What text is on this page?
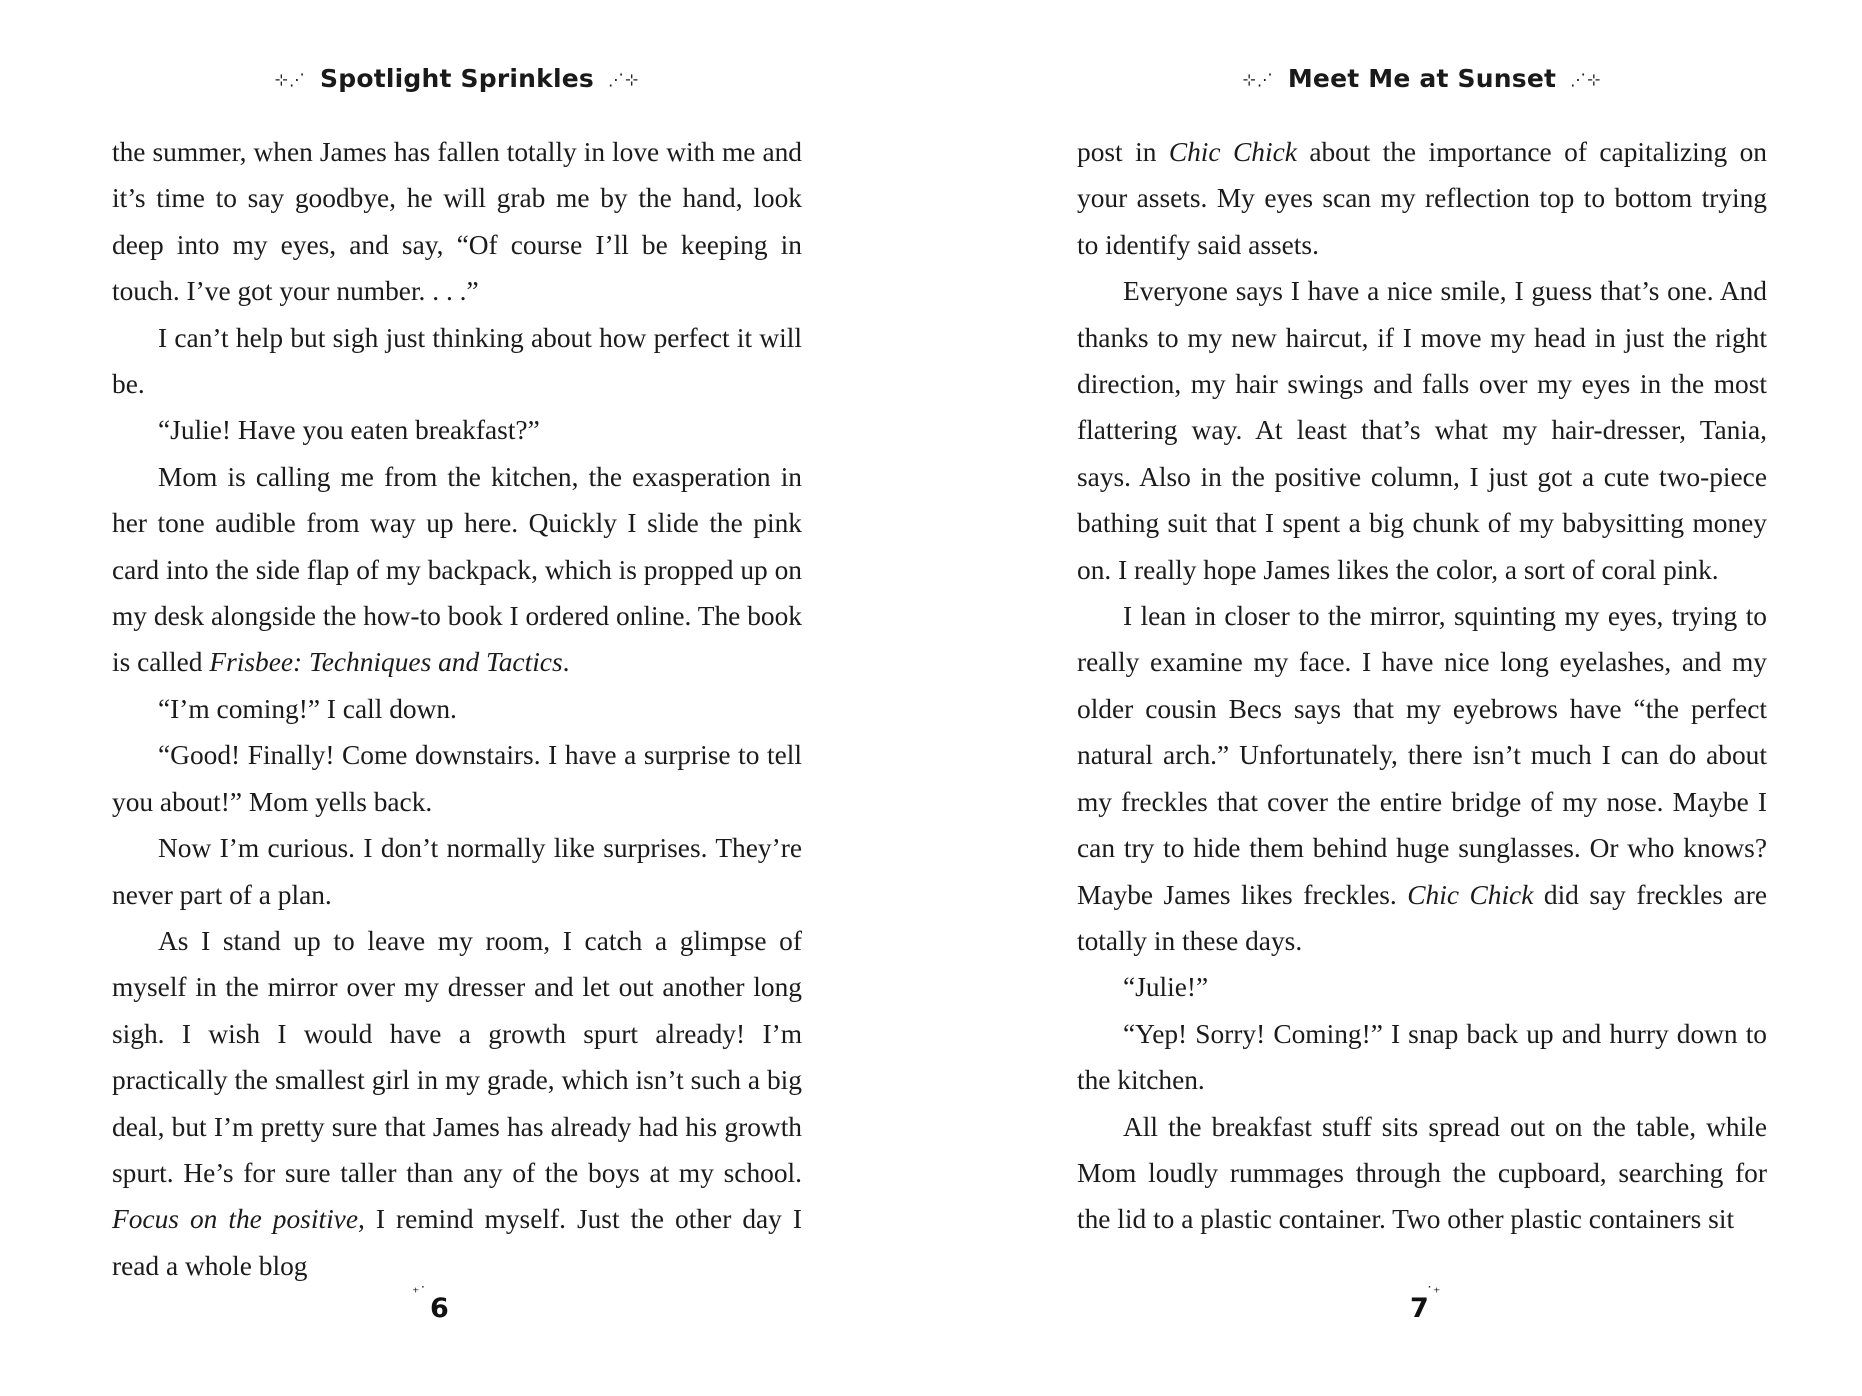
⊹⋰ Spotlight Sprinkles ⋰⊹

the summer, when James has fallen totally in love with me and it’s time to say goodbye, he will grab me by the hand, look deep into my eyes, and say, “Of course I’ll be keeping in touch. I’ve got your number. . . .”

I can’t help but sigh just thinking about how perfect it will be.

“Julie! Have you eaten breakfast?”

Mom is calling me from the kitchen, the exasperation in her tone audible from way up here. Quickly I slide the pink card into the side flap of my backpack, which is propped up on my desk alongside the how-to book I ordered online. The book is called Frisbee: Techniques and Tactics.

“I’m coming!” I call down.

“Good! Finally! Come downstairs. I have a surprise to tell you about!” Mom yells back.

Now I’m curious. I don’t normally like surprises. They’re never part of a plan.

As I stand up to leave my room, I catch a glimpse of myself in the mirror over my dresser and let out another long sigh. I wish I would have a growth spurt already! I’m practically the smallest girl in my grade, which isn’t such a big deal, but I’m pretty sure that James has already had his growth spurt. He’s for sure taller than any of the boys at my school. Focus on the positive, I remind myself. Just the other day I read a whole blog

⁺˙ 6
⊹⋰ Meet Me at Sunset ⋰⊹

post in Chic Chick about the importance of capitalizing on your assets. My eyes scan my reflection top to bottom trying to identify said assets.

Everyone says I have a nice smile, I guess that’s one. And thanks to my new haircut, if I move my head in just the right direction, my hair swings and falls over my eyes in the most flattering way. At least that’s what my hair-dresser, Tania, says. Also in the positive column, I just got a cute two-piece bathing suit that I spent a big chunk of my babysitting money on. I really hope James likes the color, a sort of coral pink.

I lean in closer to the mirror, squinting my eyes, trying to really examine my face. I have nice long eyelashes, and my older cousin Becs says that my eyebrows have “the perfect natural arch.” Unfortunately, there isn’t much I can do about my freckles that cover the entire bridge of my nose. Maybe I can try to hide them behind huge sunglasses. Or who knows? Maybe James likes freckles. Chic Chick did say freckles are totally in these days.

“Julie!”

“Yep! Sorry! Coming!” I snap back up and hurry down to the kitchen.

All the breakfast stuff sits spread out on the table, while Mom loudly rummages through the cupboard, searching for the lid to a plastic container. Two other plastic containers sit

7
˙⁺
